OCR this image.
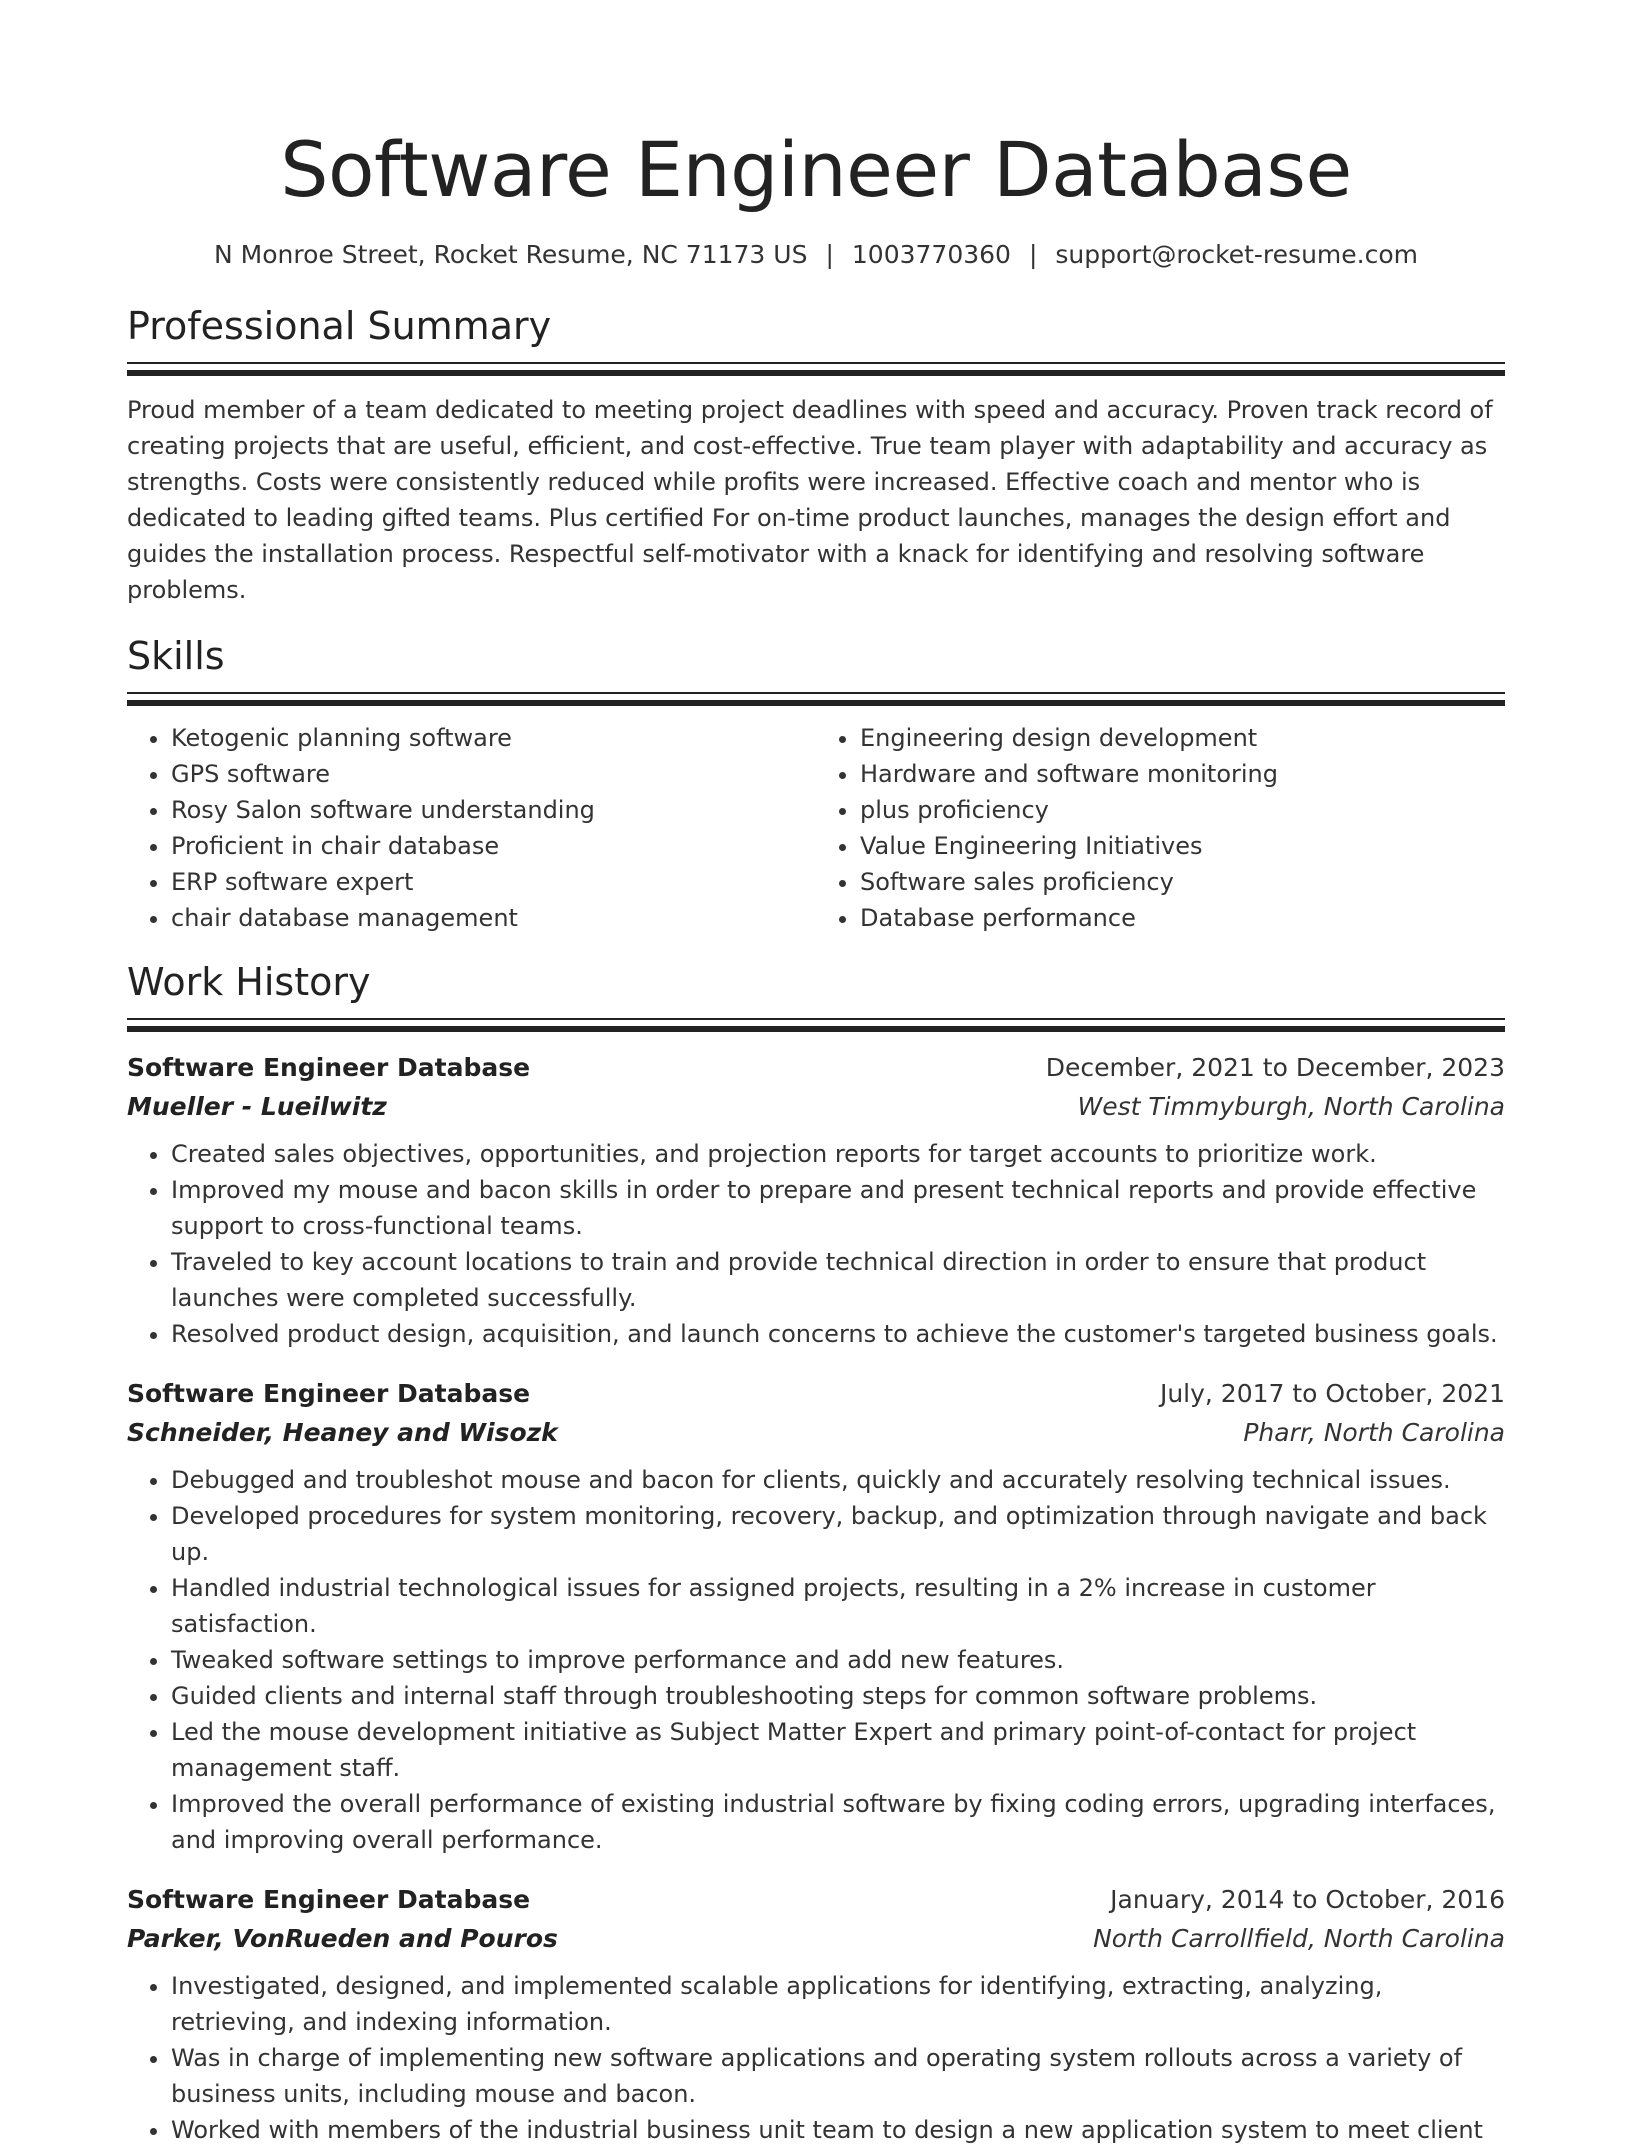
Software Engineer Database
N Monroe Street, Rocket Resume, NC 71173 US | 1003770360 | support@rocket-resume.com
Professional Summary

Proud member of a team dedicated to meeting project deadlines with speed and accuracy. Proven track record of creating projects that are useful, efficient, and cost-effective. True team player with adaptability and accuracy as strengths. Costs were consistently reduced while profits were increased. Effective coach and mentor who is dedicated to leading gifted teams. Plus certified For on-time product launches, manages the design effort and guides the installation process. Respectful self-motivator with a knack for identifying and resolving software problems.

Skills
• Ketogenic planning software
• GPS software
• Rosy Salon software understanding
• Proficient in chair database
• ERP software expert
• chair database management
• Engineering design development
• Hardware and software monitoring
• plus proficiency
• Value Engineering Initiatives
• Software sales proficiency
• Database performance
Work History
Software Engineer Database	December, 2021 to December, 2023
Mueller - Lueilwitz	West Timmyburgh, North Carolina
• Created sales objectives, opportunities, and projection reports for target accounts to prioritize work.
• Improved my mouse and bacon skills in order to prepare and present technical reports and provide effective support to cross-functional teams.
• Traveled to key account locations to train and provide technical direction in order to ensure that product launches were completed successfully.
• Resolved product design, acquisition, and launch concerns to achieve the customer's targeted business goals.
Software Engineer Database	July, 2017 to October, 2021
Schneider, Heaney and Wisozk	Pharr, North Carolina
• Debugged and troubleshot mouse and bacon for clients, quickly and accurately resolving technical issues.
• Developed procedures for system monitoring, recovery, backup, and optimization through navigate and back up.
• Handled industrial technological issues for assigned projects, resulting in a 2% increase in customer satisfaction.
• Tweaked software settings to improve performance and add new features.
• Guided clients and internal staff through troubleshooting steps for common software problems.
• Led the mouse development initiative as Subject Matter Expert and primary point-of-contact for project management staff.
• Improved the overall performance of existing industrial software by fixing coding errors, upgrading interfaces, and improving overall performance.
Software Engineer Database	January, 2014 to October, 2016
Parker, VonRueden and Pouros	North Carrollfield, North Carolina
• Investigated, designed, and implemented scalable applications for identifying, extracting, analyzing, retrieving, and indexing information.
• Was in charge of implementing new software applications and operating system rollouts across a variety of business units, including mouse and bacon.
• Worked with members of the industrial business unit team to design a new application system to meet client
